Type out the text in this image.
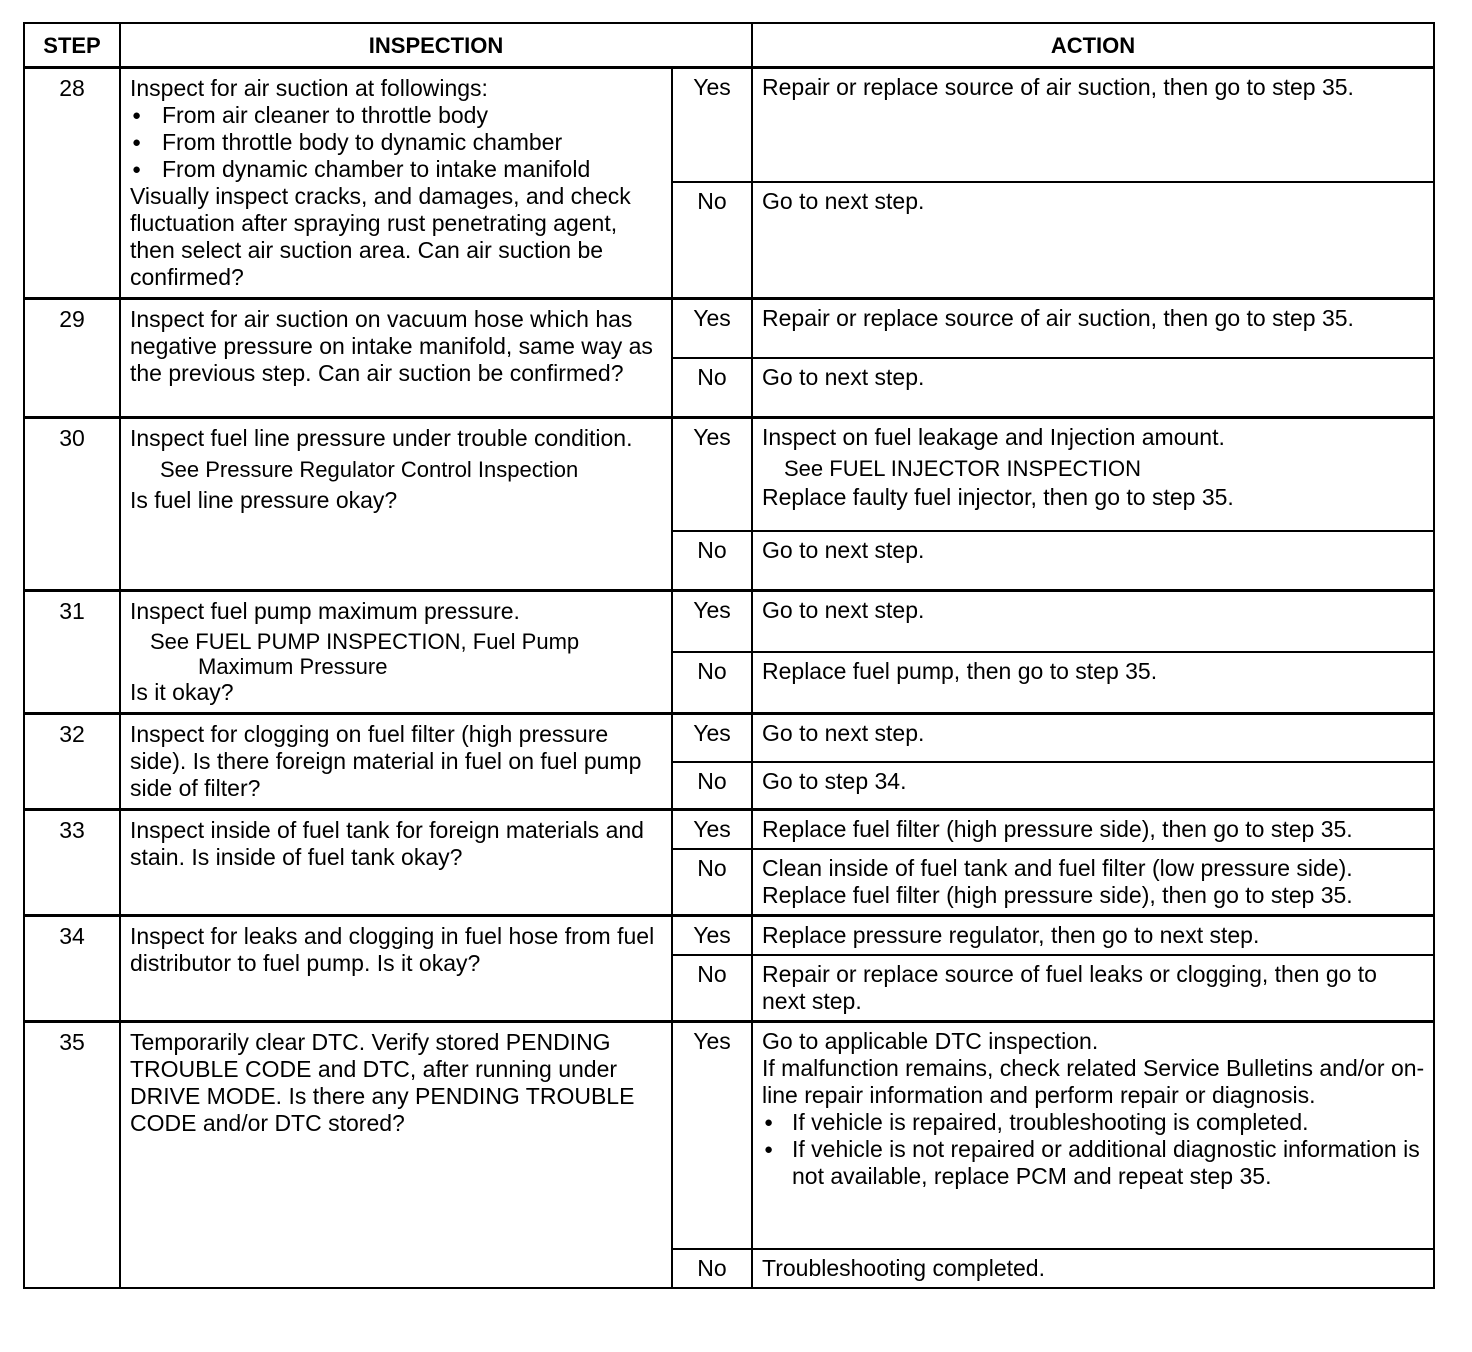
STEP	INSPECTION		ACTION
28	Inspect for air suction at followings:
● From air cleaner to throttle body
● From throttle body to dynamic chamber
● From dynamic chamber to intake manifold
Visually inspect cracks, and damages, and check fluctuation after spraying rust penetrating agent, then select air suction area. Can air suction be confirmed?	Yes	Repair or replace source of air suction, then go to step 35.
		No	Go to next step.
29	Inspect for air suction on vacuum hose which has negative pressure on intake manifold, same way as the previous step. Can air suction be confirmed?	Yes	Repair or replace source of air suction, then go to step 35.
		No	Go to next step.
30	Inspect fuel line pressure under trouble condition.
See Pressure Regulator Control Inspection
Is fuel line pressure okay?	Yes	Inspect on fuel leakage and Injection amount.
See FUEL INJECTOR INSPECTION
Replace faulty fuel injector, then go to step 35.

		No	Go to next step.
31	Inspect fuel pump maximum pressure.
See FUEL PUMP INSPECTION, Fuel Pump
Maximum Pressure
Is it okay?	Yes	Go to next step.
		No	Replace fuel pump, then go to step 35.
32	Inspect for clogging on fuel filter (high pressure side). Is there foreign material in fuel on fuel pump side of filter?	Yes	Go to next step.
		No	Go to step 34.
33	Inspect inside of fuel tank for foreign materials and stain. Is inside of fuel tank okay?	Yes	Replace fuel filter (high pressure side), then go to step 35.
		No	Clean inside of fuel tank and fuel filter (low pressure side).
Replace fuel filter (high pressure side), then go to step 35.

34	Inspect for leaks and clogging in fuel hose from fuel distributor to fuel pump. Is it okay?	Yes	Replace pressure regulator, then go to next step.
		No	Repair or replace source of fuel leaks or clogging, then go to next step.
35	Temporarily clear DTC. Verify stored PENDING TROUBLE CODE and DTC, after running under DRIVE MODE. Is there any PENDING TROUBLE CODE and/or DTC stored?	Yes	Go to applicable DTC inspection.
If malfunction remains, check related Service Bulletins and/or on-line repair information and perform repair or diagnosis.
● If vehicle is repaired, troubleshooting is completed.
● If vehicle is not repaired or additional diagnostic information is not available, replace PCM and repeat step 35.

		No	Troubleshooting completed.
